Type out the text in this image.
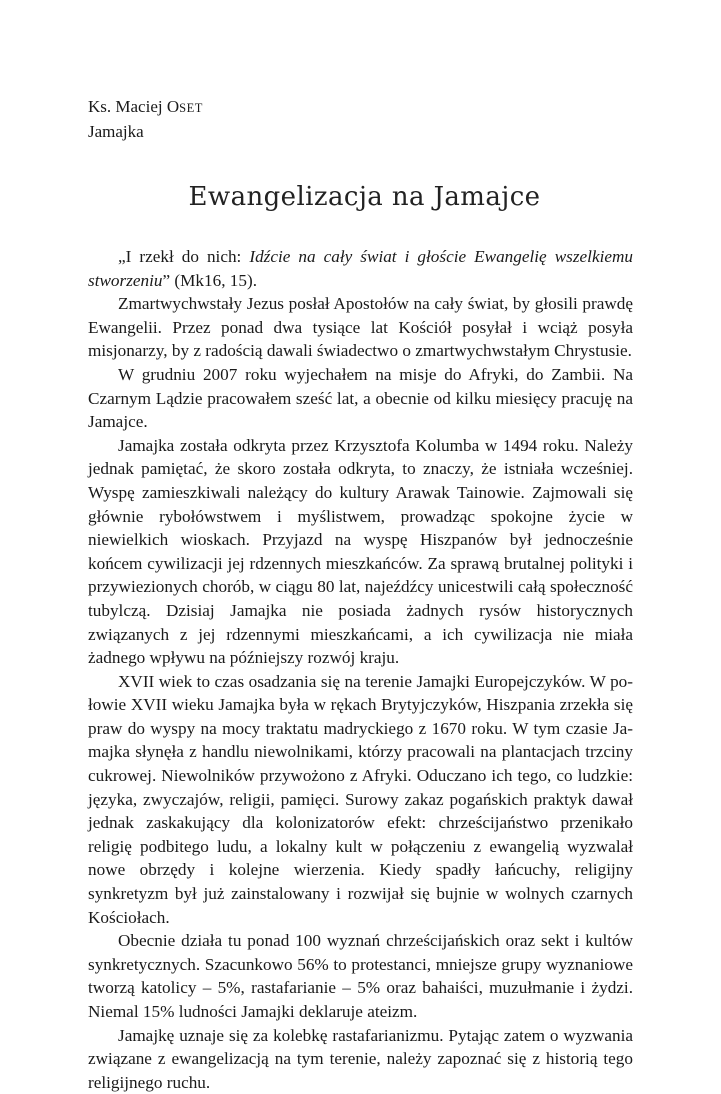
Ks. Maciej OSET
Jamajka
Ewangelizacja na Jamajce

„I rzekł do nich: Idźcie na cały świat i głoście Ewangelię wszelkiemu stworzeniu” (Mk16, 15).

Zmartwychwstały Jezus posłał Apostołów na cały świat, by głosili prawdę Ewangelii. Przez ponad dwa tysiące lat Kościół posyłał i wciąż posyła misjonarzy, by z radością dawali świadectwo o zmartwychwstałym Chrystusie.

W grudniu 2007 roku wyjechałem na misje do Afryki, do Zambii. Na Czarnym Lądzie pracowałem sześć lat, a obecnie od kilku miesięcy pracuję na Jamajce.

Jamajka została odkryta przez Krzysztofa Kolumba w 1494 roku. Należy jednak pamiętać, że skoro została odkryta, to znaczy, że istniała wcześniej. Wyspę zamieszkiwali należący do kultury Arawak Tainowie. Zajmowali się głównie rybołówstwem i myślistwem, prowadząc spokojne życie w niewielkich wioskach. Przyjazd na wyspę Hiszpanów był jednocześnie końcem cywilizacji jej rdzennych mieszkańców. Za sprawą brutalnej polityki i przywiezionych chorób, w ciągu 80 lat, najeźdźcy unicestwili całą społeczność tubylczą. Dzisiaj Jamajka nie posiada żadnych rysów historycznych związanych z jej rdzennymi mieszkańcami, a ich cywilizacja nie miała żadnego wpływu na późniejszy rozwój kraju.

XVII wiek to czas osadzania się na terenie Jamajki Europejczyków. W połowie XVII wieku Jamajka była w rękach Brytyjczyków, Hiszpania zrzekła się praw do wyspy na mocy traktatu madryckiego z 1670 roku. W tym czasie Jamajka słynęła z handlu niewolnikami, którzy pracowali na plantacjach trzciny cukrowej. Niewolników przywożono z Afryki. Oduczano ich tego, co ludzkie: języka, zwyczajów, religii, pamięci. Surowy zakaz pogańskich praktyk dawał jednak zaskakujący dla kolonizatorów efekt: chrześcijaństwo przenikało religię podbitego ludu, a lokalny kult w połączeniu z ewangelią wyzwalał nowe obrzędy i kolejne wierzenia. Kiedy spadły łańcuchy, religijny synkretyzm był już zainstalowany i rozwijał się bujnie w wolnych czarnych Kościołach.

Obecnie działa tu ponad 100 wyznań chrześcijańskich oraz sekt i kultów synkretycznych. Szacunkowo 56% to protestanci, mniejsze grupy wyznaniowe tworzą katolicy – 5%, rastafarianie – 5% oraz bahaiści, muzułmanie i żydzi. Niemal 15% ludności Jamajki deklaruje ateizm.

Jamajkę uznaje się za kolebkę rastafarianizmu. Pytając zatem o wyzwania związane z ewangelizacją na tym terenie, należy zapoznać się z historią tego religijnego ruchu.
